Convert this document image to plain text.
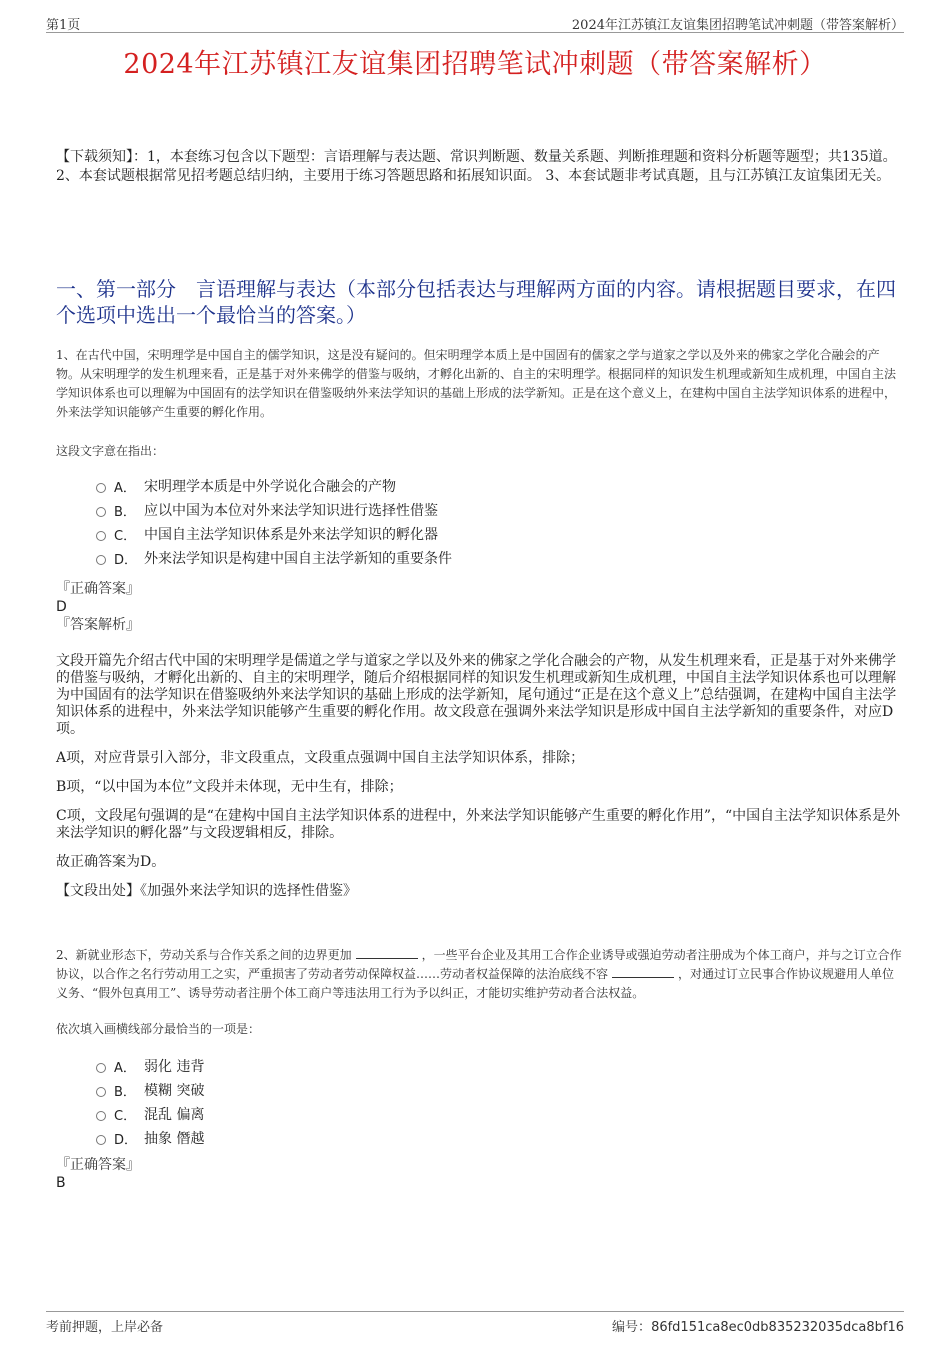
第1页	2024年江苏镇江友谊集团招聘笔试冲刺题（带答案解析）
2024年江苏镇江友谊集团招聘笔试冲刺题（带答案解析）
【下载须知】：1，本套练习包含以下题型：言语理解与表达题、常识判断题、数量关系题、判断推理题和资料分析题等题型；共135道。 2、本套试题根据常见招考题总结归纳，主要用于练习答题思路和拓展知识面。 3、本套试题非考试真题，且与江苏镇江友谊集团无关。
一、第一部分　言语理解与表达（本部分包括表达与理解两方面的内容。请根据题目要求，在四个选项中选出一个最恰当的答案。）
1、在古代中国，宋明理学是中国自主的儒学知识，这是没有疑问的。但宋明理学本质上是中国固有的儒家之学与道家之学以及外来的佛家之学化合融会的产物。从宋明理学的发生机理来看，正是基于对外来佛学的借鉴与吸纳，才孵化出新的、自主的宋明理学。根据同样的知识发生机理或新知生成机理，中国自主法学知识体系也可以理解为中国固有的法学知识在借鉴吸纳外来法学知识的基础上形成的法学新知。正是在这个意义上，在建构中国自主法学知识体系的进程中，外来法学知识能够产生重要的孵化作用。
这段文字意在指出：
A． 宋明理学本质是中外学说化合融会的产物
B． 应以中国为本位对外来法学知识进行选择性借鉴
C． 中国自主法学知识体系是外来法学知识的孵化器
D． 外来法学知识是构建中国自主法学新知的重要条件
『正确答案』
D
『答案解析』

文段开篇先介绍古代中国的宋明理学是儒道之学与道家之学以及外来的佛家之学化合融会的产物，从发生机理来看，正是基于对外来佛学的借鉴与吸纳，才孵化出新的、自主的宋明理学，随后介绍根据同样的知识发生机理或新知生成机理，中国自主法学知识体系也可以理解为中国固有的法学知识在借鉴吸纳外来法学知识的基础上形成的法学新知，尾句通过“正是在这个意义上”总结强调，在建构中国自主法学知识体系的进程中，外来法学知识能够产生重要的孵化作用。故文段意在强调外来法学知识是形成中国自主法学新知的重要条件，对应D项。

A项，对应背景引入部分，非文段重点，文段重点强调中国自主法学知识体系，排除；

B项，“以中国为本位”文段并未体现，无中生有，排除；

C项，文段尾句强调的是“在建构中国自主法学知识体系的进程中，外来法学知识能够产生重要的孵化作用”，“中国自主法学知识体系是外来法学知识的孵化器”与文段逻辑相反，排除。

故正确答案为D。

【文段出处】《加强外来法学知识的选择性借鉴》

2、新就业形态下，劳动关系与合作关系之间的边界更加	，一些平台企业及其用工合作企业诱导或强迫劳动者注册成为个体工商户，并与之订立合作协议，以合作之名行劳动用工之实，严重损害了劳动者劳动保障权益……劳动者权益保障的法治底线不容	，对通过订立民事合作协议规避用人单位义务、“假外包真用工”、诱导劳动者注册个体工商户等违法用工行为予以纠正，才能切实维护劳动者合法权益。
依次填入画横线部分最恰当的一项是：
A． 弱化 违背
B． 模糊 突破
C． 混乱 偏离
D． 抽象 僭越
『正确答案』
B
考前押题，上岸必备	编号：86fd151ca8ec0db835232035dca8bf16
